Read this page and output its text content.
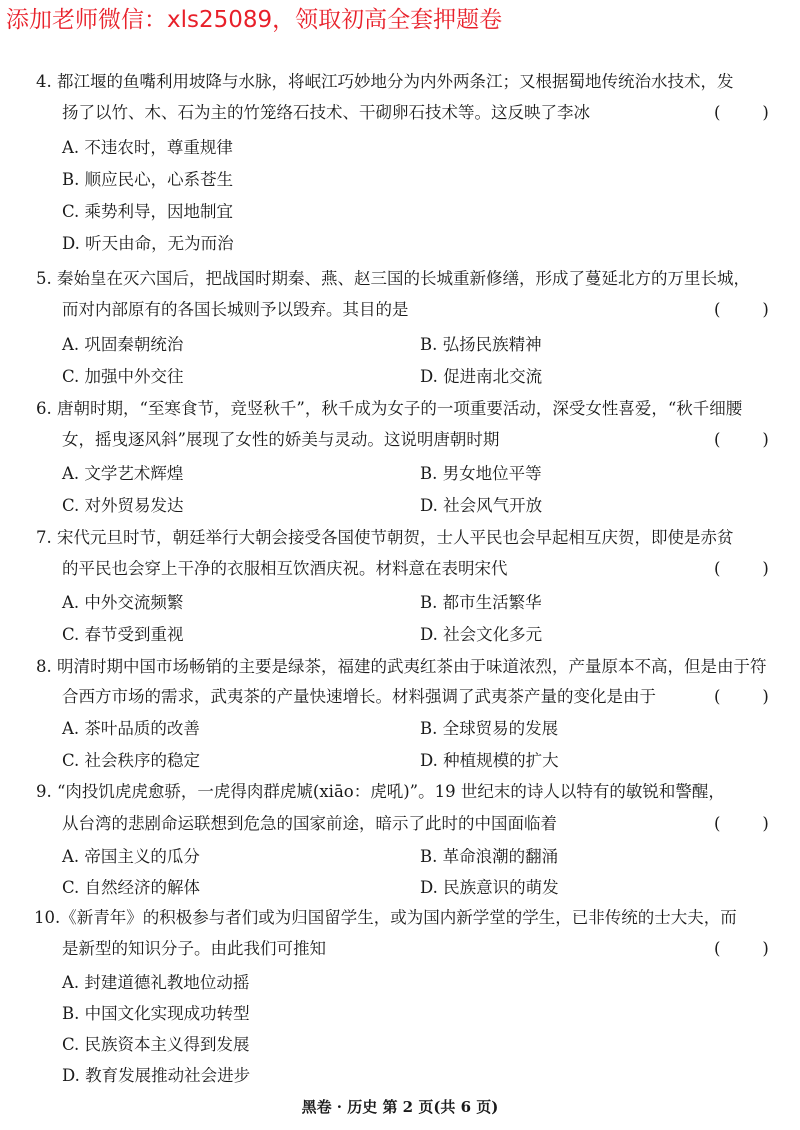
添加老师微信：xls25089，领取初高全套押题卷
4. 都江堰的鱼嘴利用坡降与水脉，将岷江巧妙地分为内外两条江；又根据蜀地传统治水技术，发
扬了以竹、木、石为主的竹笼络石技术、干砌卵石技术等。这反映了李冰	(        )
A. 不违农时，尊重规律
B. 顺应民心，心系苍生
C. 乘势利导，因地制宜
D. 听天由命，无为而治
5. 秦始皇在灭六国后，把战国时期秦、燕、赵三国的长城重新修缮，形成了蔓延北方的万里长城，
而对内部原有的各国长城则予以毁弃。其目的是	(        )
A. 巩固秦朝统治	B. 弘扬民族精神
C. 加强中外交往	D. 促进南北交流
6. 唐朝时期，“至寒食节，竞竖秋千”，秋千成为女子的一项重要活动，深受女性喜爱，“秋千细腰
女，摇曳逐风斜”展现了女性的娇美与灵动。这说明唐朝时期	(        )
A. 文学艺术辉煌	B. 男女地位平等
C. 对外贸易发达	D. 社会风气开放
7. 宋代元旦时节，朝廷举行大朝会接受各国使节朝贺，士人平民也会早起相互庆贺，即使是赤贫
的平民也会穿上干净的衣服相互饮酒庆祝。材料意在表明宋代	(        )
A. 中外交流频繁	B. 都市生活繁华
C. 春节受到重视	D. 社会文化多元
8. 明清时期中国市场畅销的主要是绿茶，福建的武夷红茶由于味道浓烈，产量原本不高，但是由于符
合西方市场的需求，武夷茶的产量快速增长。材料强调了武夷茶产量的变化是由于	(        )
A. 茶叶品质的改善	B. 全球贸易的发展
C. 社会秩序的稳定	D. 种植规模的扩大
9. “肉投饥虎虎愈骄，一虎得肉群虎虓(xiāo：虎吼)”。19 世纪末的诗人以特有的敏锐和警醒，
从台湾的悲剧命运联想到危急的国家前途，暗示了此时的中国面临着	(        )
A. 帝国主义的瓜分	B. 革命浪潮的翻涌
C. 自然经济的解体	D. 民族意识的萌发
10.《新青年》的积极参与者们或为归国留学生，或为国内新学堂的学生，已非传统的士大夫，而
是新型的知识分子。由此我们可推知	(        )
A. 封建道德礼教地位动摇
B. 中国文化实现成功转型
C. 民族资本主义得到发展
D. 教育发展推动社会进步
黑卷 · 历史 第 2 页(共 6 页)
